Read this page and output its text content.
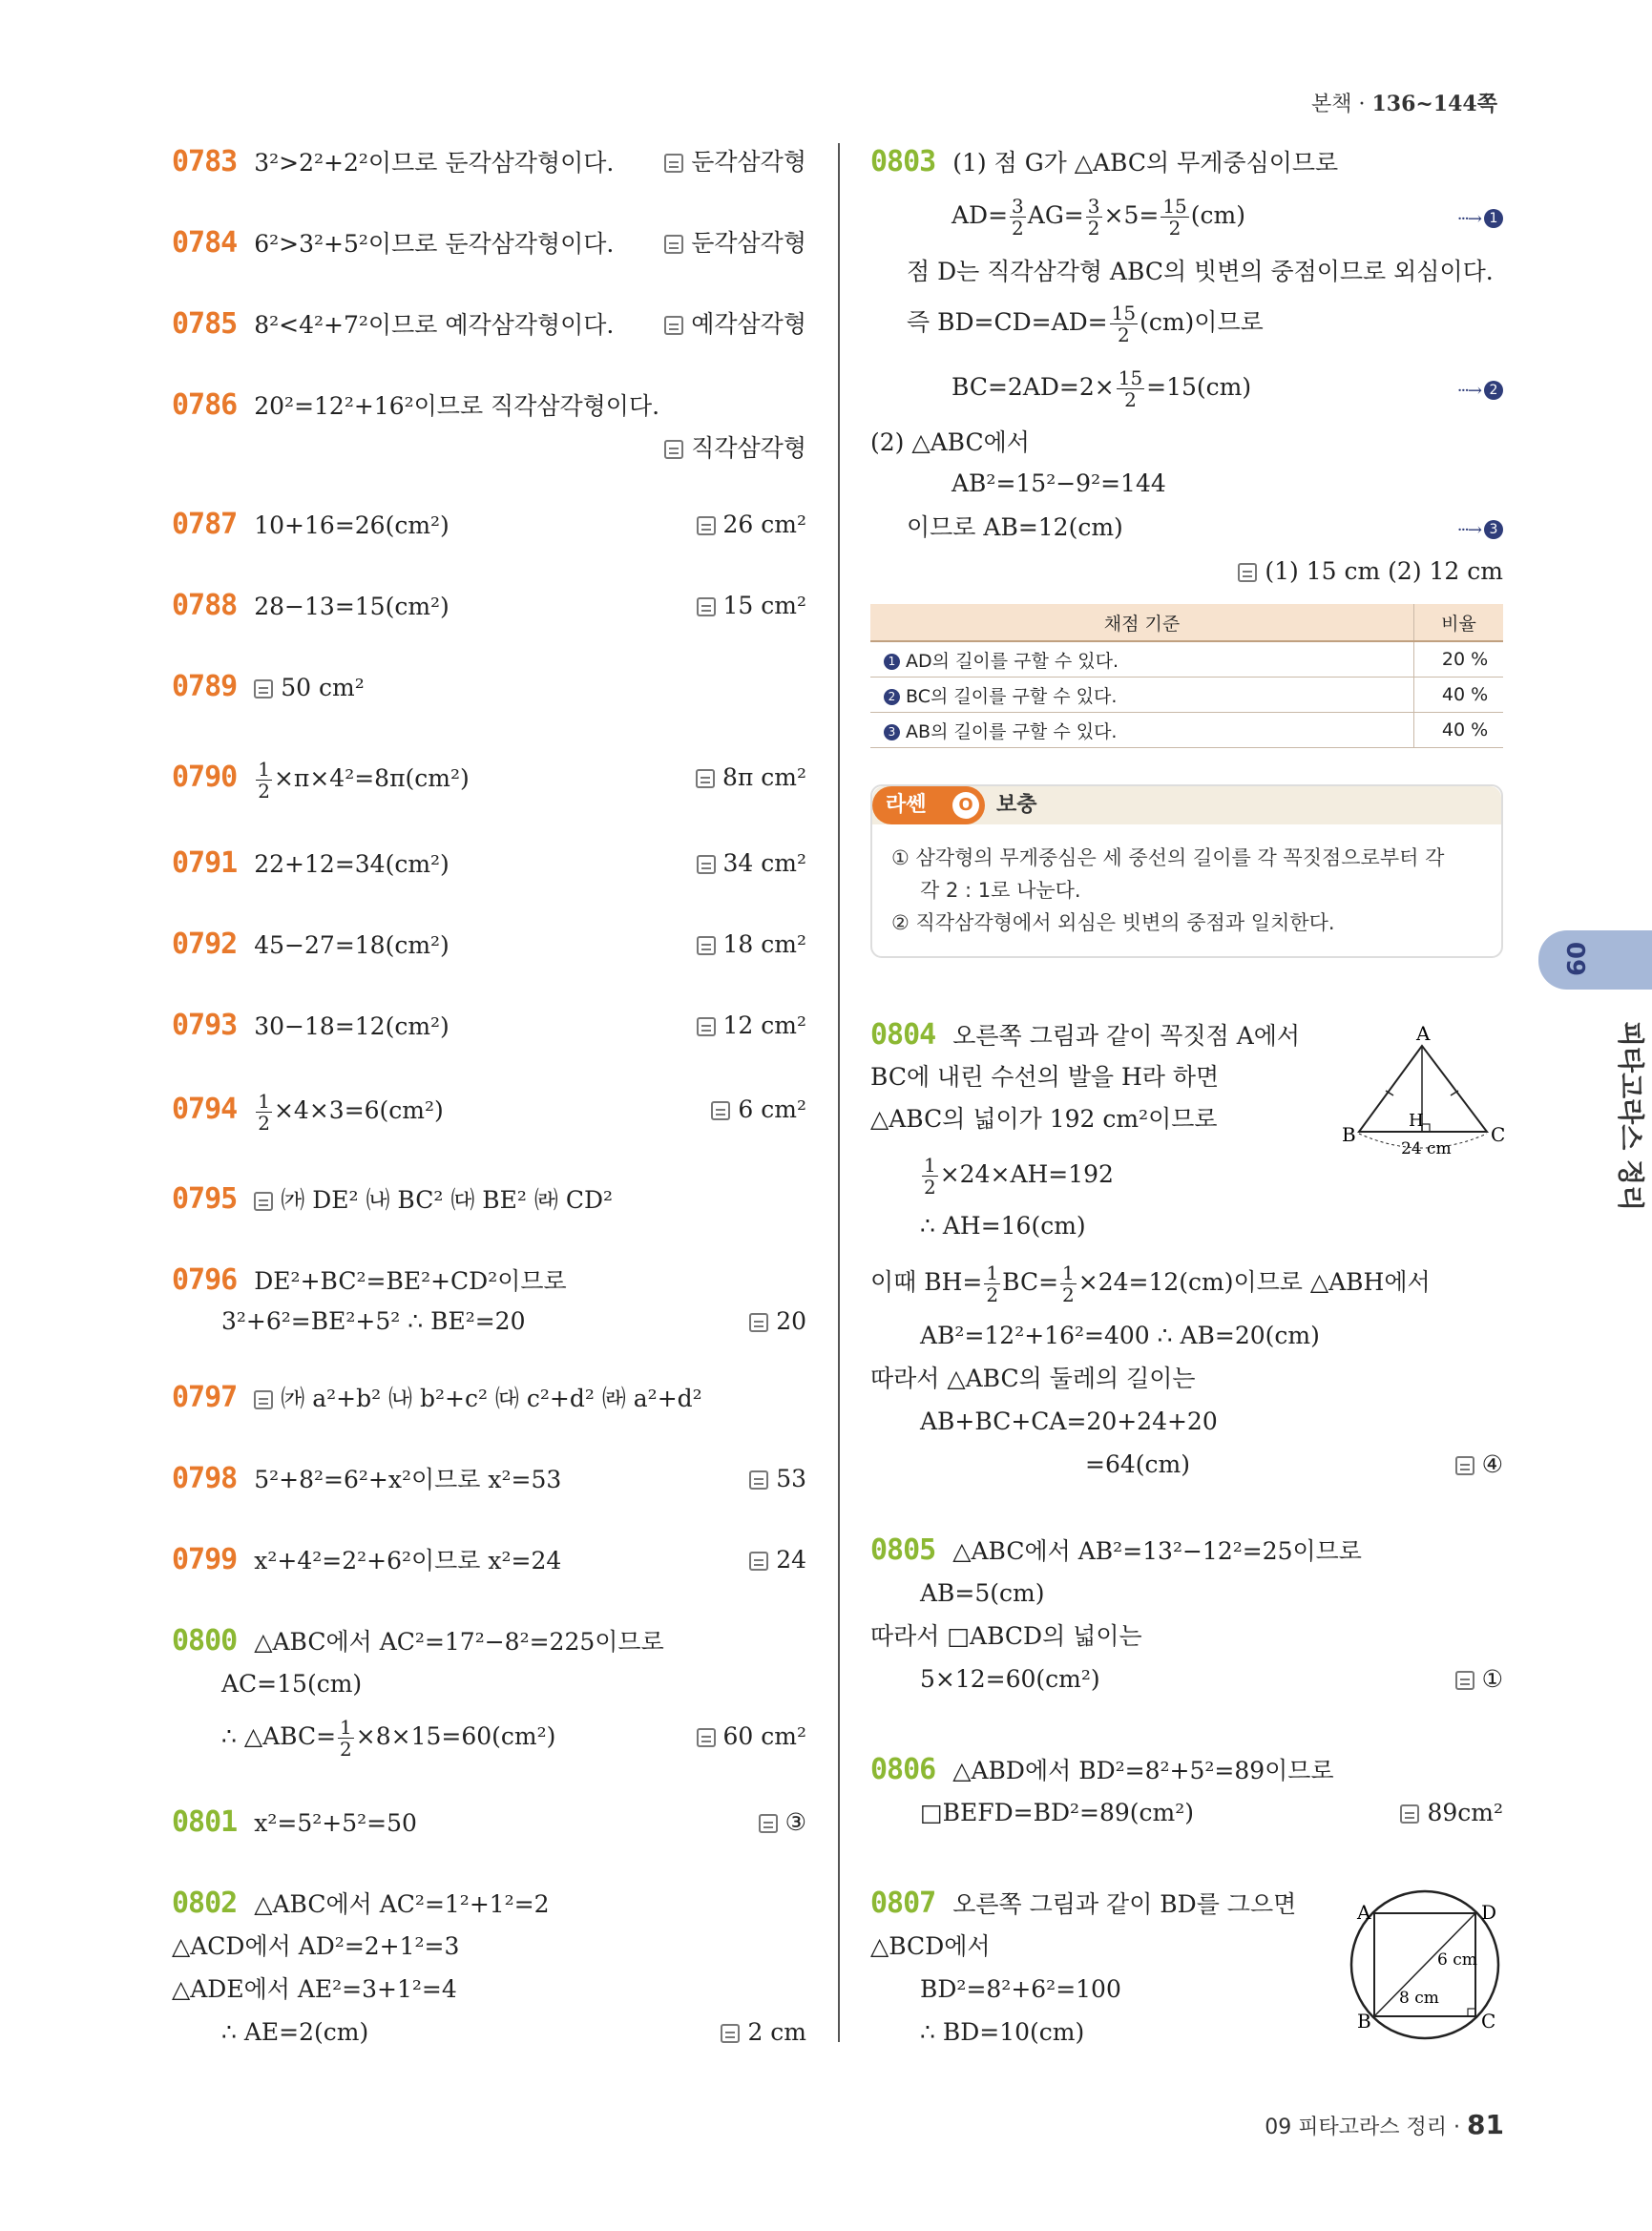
본책 · 136~144쪽
0783 3²>2²+2²이므로 둔각삼각형이다.	둔각삼각형
0784 6²>3²+5²이므로 둔각삼각형이다.	둔각삼각형
0785 8²<4²+7²이므로 예각삼각형이다.	예각삼각형
0786 20²=12²+16²이므로 직각삼각형이다.
직각삼각형
0787 10+16=26(cm²)	26 cm²
0788 28−13=15(cm²)	15 cm²
0789 50 cm²
$0790 \frac{1}{2} \times\pi\times 4^2=8\pi(cm^2)$	8π cm²
0791 22+12=34(cm²)	34 cm²
0792 45−27=18(cm²)	18 cm²
0793 30−18=12(cm²)	12 cm²
$0794 \frac{1}{2} \times 4\times 3=6(cm^2)$	6 cm²
0795 ㈎ DE² ㈏ BC² ㈐ BE² ㈑ CD²
0796 DE²+BC²=BE²+CD²이므로
3²+6²=BE²+5² ∴ BE²=20	20
0797 ㈎ a²+b² ㈏ b²+c² ㈐ c²+d² ㈑ a²+d²
0798 5²+8²=6²+x²이므로 x²=53	53
0799 x²+4²=2²+6²이므로 x²=24	24
0800 △ABC에서 AC²=17²−8²=225이므로
AC=15(cm)
∴ △ABC= $\frac{1}{2} \times 8\times 15=60(cm^2)$	60 cm²
0801 x²=5²+5²=50	③
0802 △ABC에서 AC²=1²+1²=2
△ACD에서 AD²=2+1²=3
△ADE에서 AE²=3+1²=4
∴ AE=2(cm)	2 cm
0803 (1) 점 G가 △ABC의 무게중심이므로
$AD= \frac{3}{2} AG= \frac{3}{2} \times 5= \frac{15}{2} (cm)$	···→ 1
점 D는 직각삼각형 ABC의 빗변의 중점이므로 외심이다.
즉 $BD=CD=AD= \frac{15}{2} (cm)$이므로
$BC=2AD=2\times \frac{15}{2} =15(cm)$	···→ 2
(2) △ABC에서
AB²=15²−9²=144
이므로 AB=12(cm)	···→ 3
(1) 15 cm (2) 12 cm
채점 기준	비율
1 AD의 길이를 구할 수 있다.	20 %
2 BC의 길이를 구할 수 있다.	40 %
3 AB의 길이를 구할 수 있다.	40 %
라쎈	O 보충
① 삼각형의 무게중심은 세 중선의 길이를 각 꼭짓점으로부터 각
각 2 : 1로 나눈다.
② 직각삼각형에서 외심은 빗변의 중점과 일치한다.
0804 오른쪽 그림과 같이 꼭짓점 A에서
BC에 내린 수선의 발을 H라 하면
△ABC의 넓이가 192 cm²이므로
$\frac{1}{2} \times 24\times AH=192$
∴ AH=16(cm)
이때 $BH= \frac{1}{2} BC= \frac{1}{2} \times 24=12(cm)$이므로 △ABH에서
AB²=12²+16²=400 ∴ AB=20(cm)
따라서 △ABC의 둘레의 길이는
AB+BC+CA=20+24+20
=64(cm)	④
A
B	C
H
24 cm
0805 △ABC에서 AB²=13²−12²=25이므로
AB=5(cm)
따라서 □ABCD의 넓이는
5×12=60(cm²)	①
0806 △ABD에서 BD²=8²+5²=89이므로
□BEFD=BD²=89(cm²)	89cm²
0807 오른쪽 그림과 같이 BD를 그으면
△BCD에서
BD²=8²+6²=100
∴ BD=10(cm)
A	D
B	C
6 cm
8 cm
09
피타고라스 정리
09 피타고라스 정리 · 81
